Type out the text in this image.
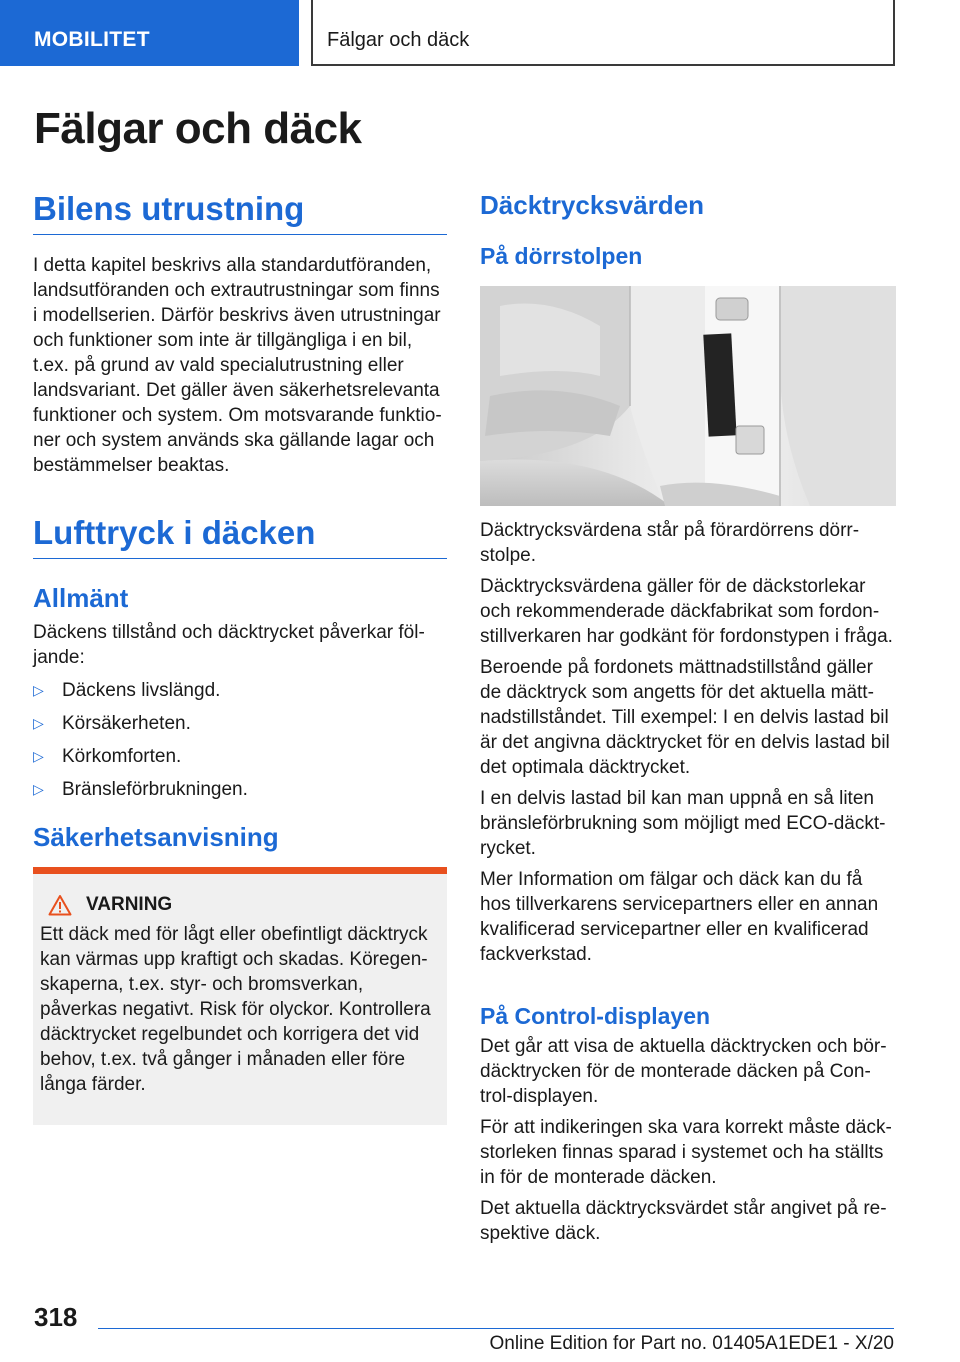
MOBILITET	Fälgar och däck
Fälgar och däck
Bilens utrustning

I detta kapitel beskrivs alla standardutföranden, landsutföranden och extrautrustningar som finns i modellserien. Därför beskrivs även utrustningar och funktioner som inte är tillgängliga i en bil, t.ex. på grund av vald specialutrustning eller landsvariant. Det gäller även säkerhetsrelevanta funktioner och system. Om motsvarande funktioner och system används ska gällande lagar och bestämmelser beaktas.

Lufttryck i däcken
Allmänt

Däckens tillstånd och däcktrycket påverkar följande:

▷ Däckens livslängd.
▷ Körsäkerheten.
▷ Körkomforten.
▷ Bränsleförbrukningen.
Säkerhetsanvisning
VARNING

Ett däck med för lågt eller obefintligt däcktryck kan värmas upp kraftigt och skadas. Köregenskaperna, t.ex. styr- och bromsverkan, påverkas negativt. Risk för olyckor. Kontrollera däcktrycket regelbundet och korrigera det vid behov, t.ex. två gånger i månaden eller före långa färder.

Däcktrycksvärden
På dörrstolpen

Däcktrycksvärdena står på förardörrens dörrstolpe.

Däcktrycksvärdena gäller för de däckstorlekar och rekommenderade däckfabrikat som fordonstillverkaren har godkänt för fordonstypen i fråga.

Beroende på fordonets mättnadstillstånd gäller de däcktryck som angetts för det aktuella mättnadstillståndet. Till exempel: I en delvis lastad bil är det angivna däcktrycket för en delvis lastad bil det optimala däcktrycket.

I en delvis lastad bil kan man uppnå en så liten bränsleförbrukning som möjligt med ECO-däcktrycket.

Mer Information om fälgar och däck kan du få hos tillverkarens servicepartners eller en annan kvalificerad servicepartner eller en kvalificerad fackverkstad.

På Control-displayen

Det går att visa de aktuella däcktrycken och bördäcktrycken för de monterade däcken på Control-displayen.

För att indikeringen ska vara korrekt måste däckstorleken finnas sparad i systemet och ha ställts in för de monterade däcken.

Det aktuella däcktrycksvärdet står angivet på respektive däck.

318
Online Edition for Part no. 01405A1EDE1 - X/20
